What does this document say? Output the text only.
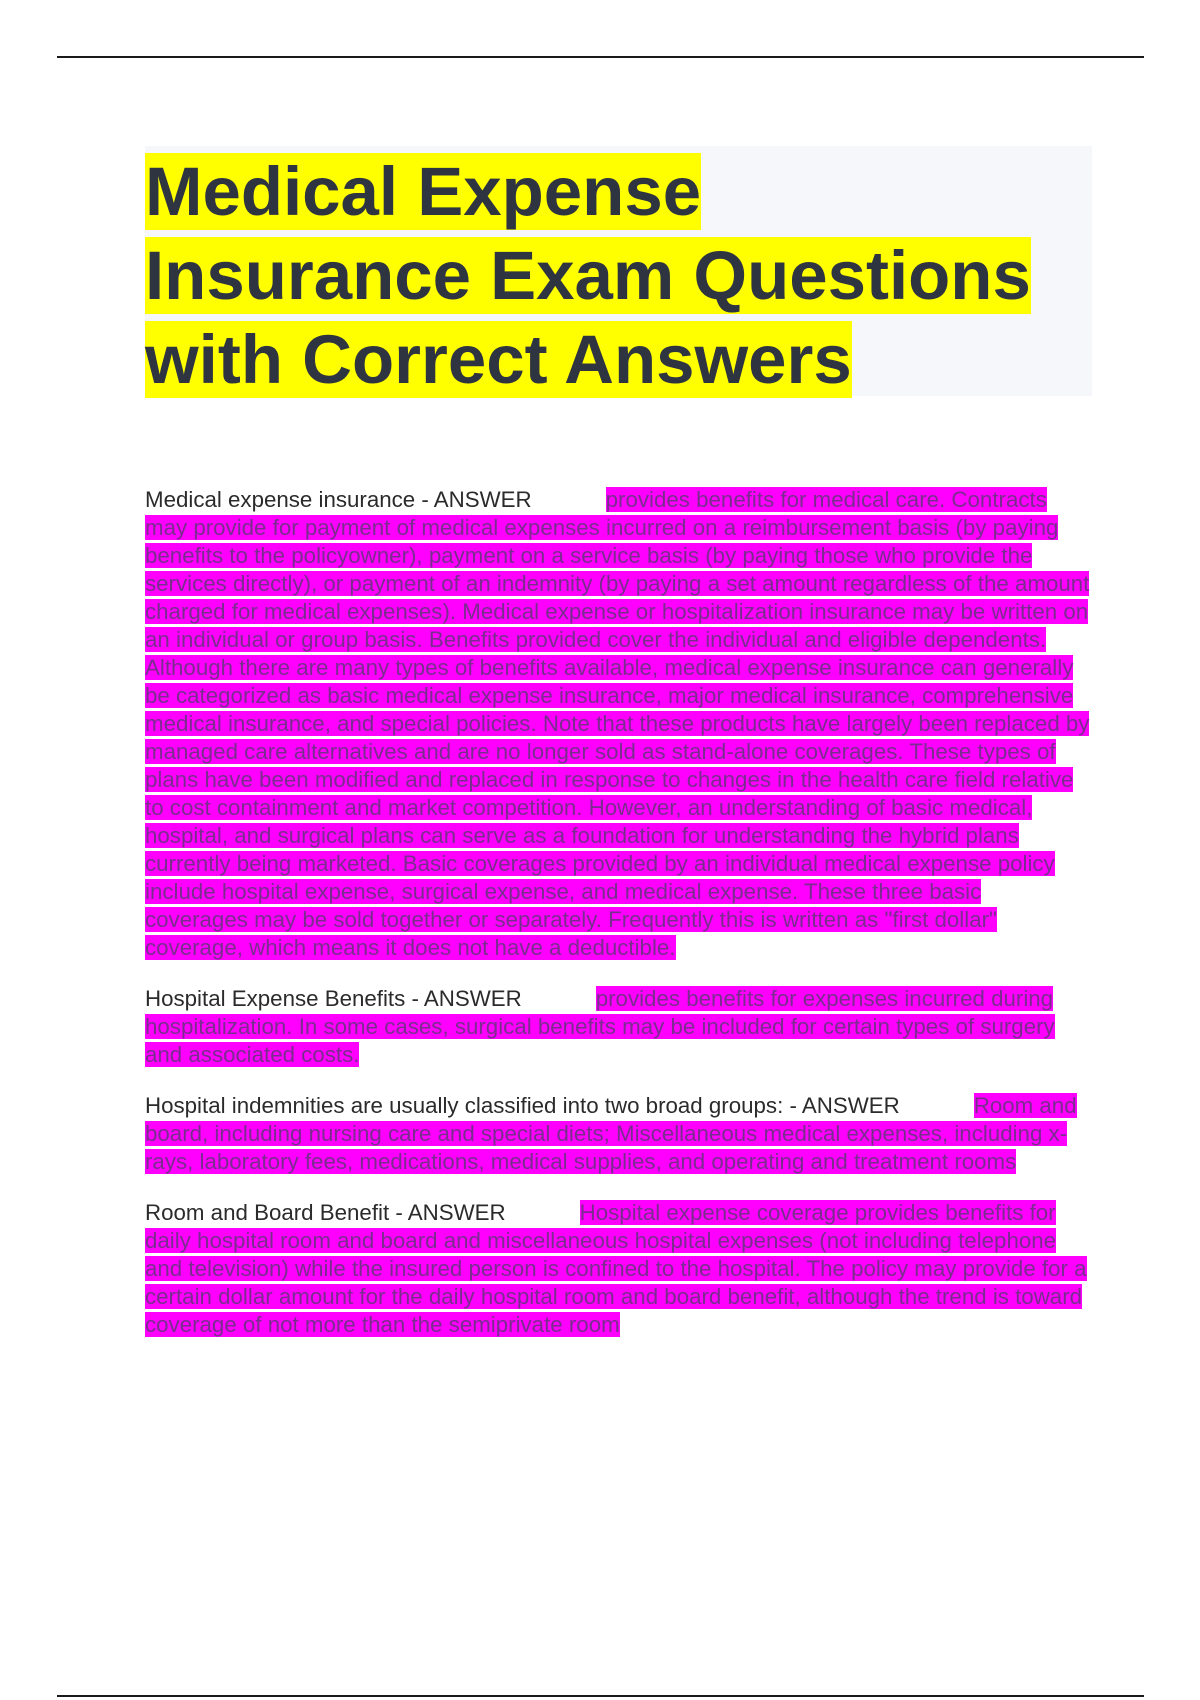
Medical Expense
Insurance Exam Questions
with Correct Answers

Medical expense insurance - ANSWER	provides benefits for medical care. Contracts may provide for payment of medical expenses incurred on a reimbursement basis (by paying benefits to the policyowner), payment on a service basis (by paying those who provide the services directly), or payment of an indemnity (by paying a set amount regardless of the amount charged for medical expenses). Medical expense or hospitalization insurance may be written on an individual or group basis. Benefits provided cover the individual and eligible dependents. Although there are many types of benefits available, medical expense insurance can generally be categorized as basic medical expense insurance, major medical insurance, comprehensive medical insurance, and special policies. Note that these products have largely been replaced by managed care alternatives and are no longer sold as stand-alone coverages. These types of plans have been modified and replaced in response to changes in the health care field relative to cost containment and market competition. However, an understanding of basic medical, hospital, and surgical plans can serve as a foundation for understanding the hybrid plans currently being marketed. Basic coverages provided by an individual medical expense policy include hospital expense, surgical expense, and medical expense. These three basic coverages may be sold together or separately. Frequently this is written as "first dollar" coverage, which means it does not have a deductible.

Hospital Expense Benefits - ANSWER	provides benefits for expenses incurred during hospitalization. In some cases, surgical benefits may be included for certain types of surgery and associated costs.

Hospital indemnities are usually classified into two broad groups: - ANSWER	Room and board, including nursing care and special diets; Miscellaneous medical expenses, including x-rays, laboratory fees, medications, medical supplies, and operating and treatment rooms

Room and Board Benefit - ANSWER	Hospital expense coverage provides benefits for daily hospital room and board and miscellaneous hospital expenses (not including telephone and television) while the insured person is confined to the hospital. The policy may provide for a certain dollar amount for the daily hospital room and board benefit, although the trend is toward coverage of not more than the semiprivate room
